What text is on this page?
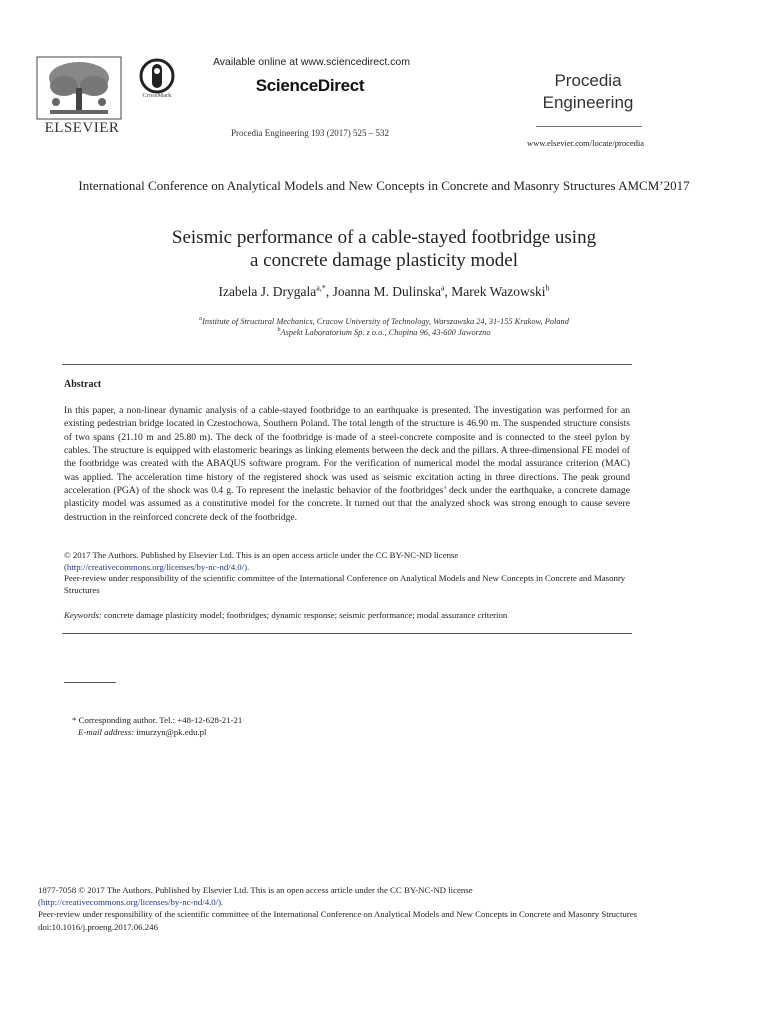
ELSEVIER
CrossMark
Available online at www.sciencedirect.com
ScienceDirect
Procedia Engineering 193 (2017) 525 – 532
Procedia
Engineering
www.elsevier.com/locate/procedia
International Conference on Analytical Models and New Concepts in Concrete and Masonry Structures AMCM’2017
Seismic performance of a cable-stayed footbridge using
a concrete damage plasticity model
Izabela J. Drygala$^{a,*}$, Joanna M. Dulinska$^a$, Marek Wazowski$^b$
$^a$Institute of Structural Mechanics, Cracow University of Technology, Warszawska 24, 31-155 Krakow, Poland
$^b$Aspekt Laboratorium Sp. z o.o., Chopina 96, 43-600 Jaworzno
Abstract
In this paper, a non-linear dynamic analysis of a cable-stayed footbridge to an earthquake is presented. The investigation was performed for an existing pedestrian bridge located in Czestochowa, Southern Poland. The total length of the structure is 46.90 m. The suspended structure consists of two spans (21.10 m and 25.80 m). The deck of the footbridge is made of a steel-concrete composite and is connected to the steel pylon by cables. The structure is equipped with elastomeric bearings as linking elements between the deck and the pillars. A three-dimensional FE model of the footbridge was created with the ABAQUS software program. For the verification of numerical model the modal assurance criterion (MAC) was applied. The acceleration time history of the registered shock was used as seismic excitation acting in three directions. The peak ground acceleration (PGA) of the shock was 0.4 g. To represent the inelastic behavior of the footbridges’ deck under the earthquake, a concrete damage plasticity model was assumed as a constitutive model for the concrete. It turned out that the analyzed shock was strong enough to cause severe destruction in the reinforced concrete deck of the footbridge.
© 2017 The Authors. Published by Elsevier Ltd. This is an open access article under the CC BY-NC-ND license
(http://creativecommons.org/licenses/by-nc-nd/4.0/).
Peer-review under responsibility of the scientific committee of the International Conference on Analytical Models and New Concepts in Concrete and Masonry Structures
Keywords: concrete damage plasticity model; footbridges; dynamic response; seismic performance; modal assurance criterion
* Corresponding author. Tel.: +48-12-628-21-21
E-mail address: imurzyn@pk.edu.pl
1877-7058 © 2017 The Authors. Published by Elsevier Ltd. This is an open access article under the CC BY-NC-ND license
(http://creativecommons.org/licenses/by-nc-nd/4.0/).
Peer-review under responsibility of the scientific committee of the International Conference on Analytical Models and New Concepts in Concrete and Masonry Structures
doi:10.1016/j.proeng.2017.06.246
